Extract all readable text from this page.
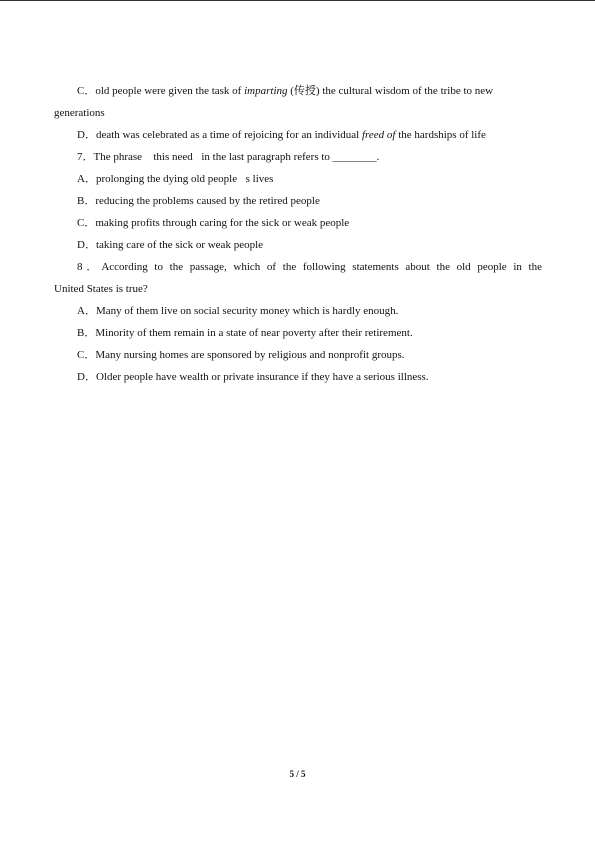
C．old people were given the task of imparting (传授) the cultural wisdom of the tribe to new

generations

D．death was celebrated as a time of rejoicing for an individual freed of the hardships of life

7．The phrase  this need in the last paragraph refers to ________.

A．prolonging the dying old people s lives

B．reducing the problems caused by the retired people

C．making profits through caring for the sick or weak people

D．taking care of the sick or weak people

8．According to the passage, which of the following statements about the old people in the

United States is true?

A．Many of them live on social security money which is hardly enough.

B．Minority of them remain in a state of near poverty after their retirement.

C．Many nursing homes are sponsored by religious and nonprofit groups.

D．Older people have wealth or private insurance if they have a serious illness.

5 / 5
